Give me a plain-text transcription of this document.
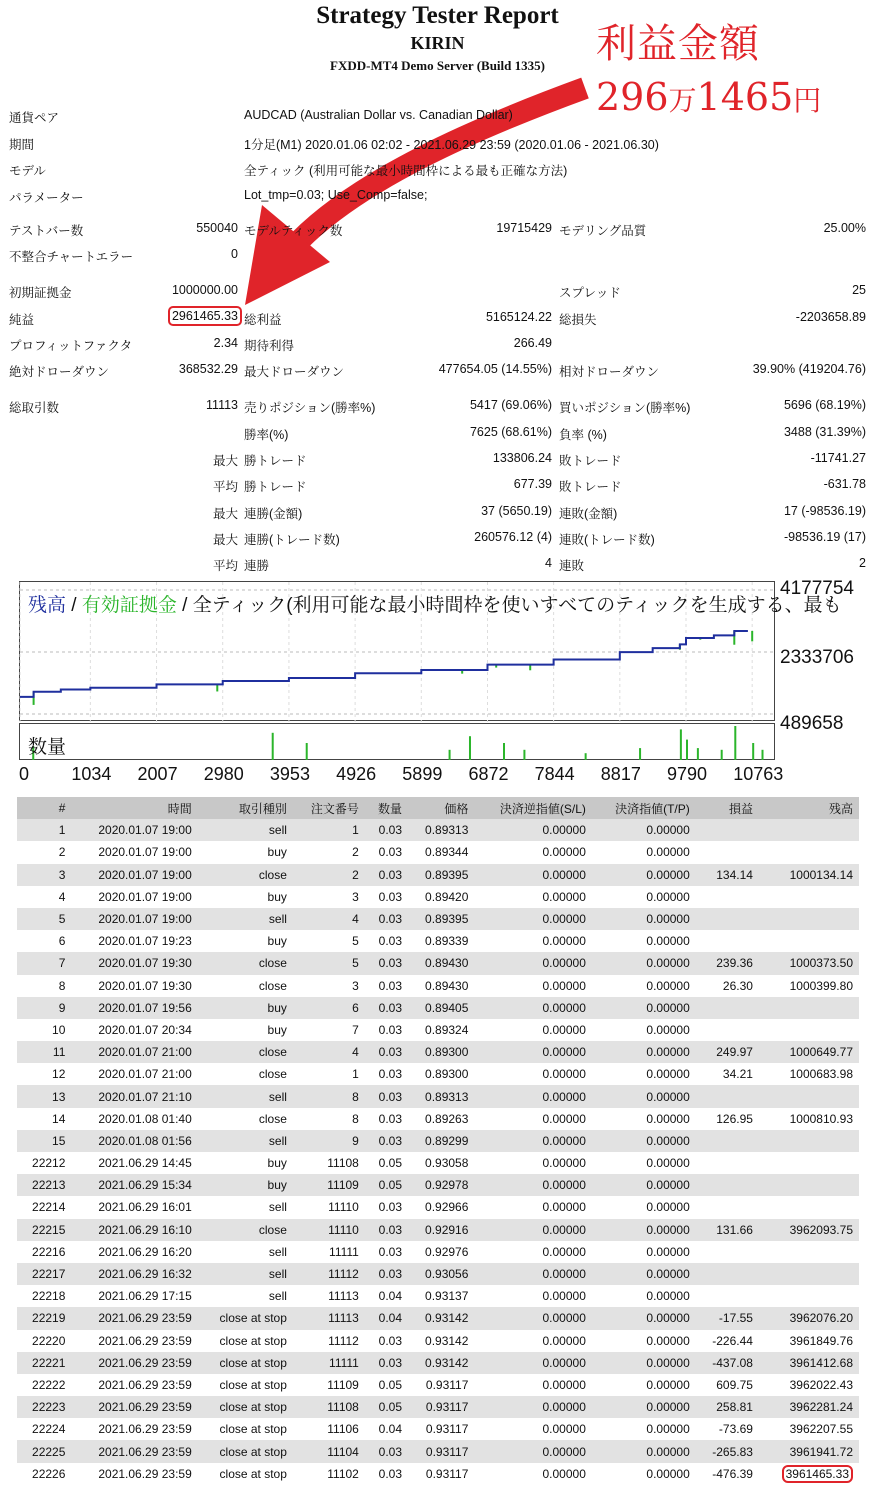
Strategy Tester Report
KIRIN
FXDD-MT4 Demo Server (Build 1335)	利益金額
296万1465円
通貨ペア	AUDCAD (Australian Dollar vs. Canadian Dollar)
期間	1分足(M1) 2020.01.06 02:02 - 2021.06.29 23:59 (2020.01.06 - 2021.06.30)
モデル	全ティック (利用可能な最小時間枠による最も正確な方法)
パラメーター	Lot_tmp=0.03; Use_Comp=false;
テストバー数	550040 モデルティック数	19715429 モデリング品質	25.00%
不整合チャートエラー	0
初期証拠金	1000000.00	スプレッド	25
純益	2961465.33 総利益	5165124.22 総損失	-2203658.89
プロフィットファクタ	2.34 期待利得	266.49
絶対ドローダウン	368532.29 最大ドローダウン	477654.05 (14.55%) 相対ドローダウン	39.90% (419204.76)
総取引数	11113 売りポジション(勝率%)	5417 (69.06%) 買いポジション(勝率%)	5696 (68.19%)
勝率(%)	7625 (68.61%) 負率 (%)	3488 (31.39%)
最大 勝トレード	133806.24 敗トレード	-11741.27
平均 勝トレード	677.39 敗トレード	-631.78
最大 連勝(金額)	37 (5650.19) 連敗(金額)	17 (-98536.19)
最大 連勝(トレード数)	260576.12 (4) 連敗(トレード数)	-98536.19 (17)
平均 連勝	4 連敗	2
残高 / 有効証拠金 / 全ティック(利用可能な最小時間枠を使いすべてのティックを生成する、最も
4177754
2333706
489658
数量
0 1034 2007 2980 3953 4926 5899 6872 7844 8817 9790 10763
#	時間	取引種別	注文番号	数量	価格	決済逆指値(S/L)	決済指値(T/P)	損益	残高
1	2020.01.07 19:00	sell	1	0.03	0.89313	0.00000	0.00000		
2	2020.01.07 19:00	buy	2	0.03	0.89344	0.00000	0.00000		
3	2020.01.07 19:00	close	2	0.03	0.89395	0.00000	0.00000	134.14	1000134.14
4	2020.01.07 19:00	buy	3	0.03	0.89420	0.00000	0.00000		
5	2020.01.07 19:00	sell	4	0.03	0.89395	0.00000	0.00000		
6	2020.01.07 19:23	buy	5	0.03	0.89339	0.00000	0.00000		
7	2020.01.07 19:30	close	5	0.03	0.89430	0.00000	0.00000	239.36	1000373.50
8	2020.01.07 19:30	close	3	0.03	0.89430	0.00000	0.00000	26.30	1000399.80
9	2020.01.07 19:56	buy	6	0.03	0.89405	0.00000	0.00000		
10	2020.01.07 20:34	buy	7	0.03	0.89324	0.00000	0.00000		
11	2020.01.07 21:00	close	4	0.03	0.89300	0.00000	0.00000	249.97	1000649.77
12	2020.01.07 21:00	close	1	0.03	0.89300	0.00000	0.00000	34.21	1000683.98
13	2020.01.07 21:10	sell	8	0.03	0.89313	0.00000	0.00000		
14	2020.01.08 01:40	close	8	0.03	0.89263	0.00000	0.00000	126.95	1000810.93
15	2020.01.08 01:56	sell	9	0.03	0.89299	0.00000	0.00000		
22212	2021.06.29 14:45	buy	11108	0.05	0.93058	0.00000	0.00000		
22213	2021.06.29 15:34	buy	11109	0.05	0.92978	0.00000	0.00000		
22214	2021.06.29 16:01	sell	11110	0.03	0.92966	0.00000	0.00000		
22215	2021.06.29 16:10	close	11110	0.03	0.92916	0.00000	0.00000	131.66	3962093.75
22216	2021.06.29 16:20	sell	11111	0.03	0.92976	0.00000	0.00000		
22217	2021.06.29 16:32	sell	11112	0.03	0.93056	0.00000	0.00000		
22218	2021.06.29 17:15	sell	11113	0.04	0.93137	0.00000	0.00000		
22219	2021.06.29 23:59	close at stop	11113	0.04	0.93142	0.00000	0.00000	-17.55	3962076.20
22220	2021.06.29 23:59	close at stop	11112	0.03	0.93142	0.00000	0.00000	-226.44	3961849.76
22221	2021.06.29 23:59	close at stop	11111	0.03	0.93142	0.00000	0.00000	-437.08	3961412.68
22222	2021.06.29 23:59	close at stop	11109	0.05	0.93117	0.00000	0.00000	609.75	3962022.43
22223	2021.06.29 23:59	close at stop	11108	0.05	0.93117	0.00000	0.00000	258.81	3962281.24
22224	2021.06.29 23:59	close at stop	11106	0.04	0.93117	0.00000	0.00000	-73.69	3962207.55
22225	2021.06.29 23:59	close at stop	11104	0.03	0.93117	0.00000	0.00000	-265.83	3961941.72
22226	2021.06.29 23:59	close at stop	11102	0.03	0.93117	0.00000	0.00000	-476.39	3961465.33
